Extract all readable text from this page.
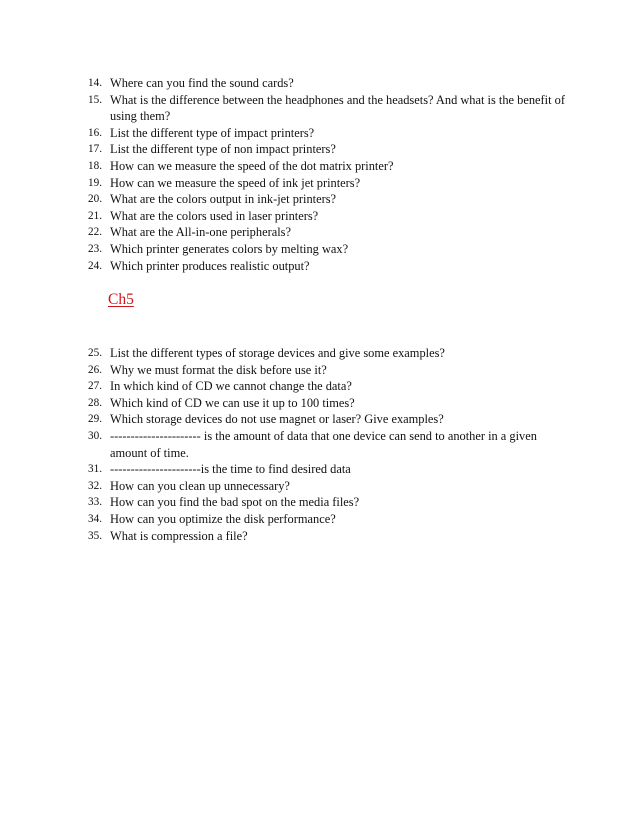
14. Where can you find the sound cards?
15. What is the difference between the headphones and the headsets? And what is the benefit of using them?
16. List the different type of impact printers?
17. List the different type of non impact printers?
18. How can we measure the speed of the dot matrix printer?
19. How can we measure the speed of ink jet printers?
20. What are the colors output in ink-jet printers?
21. What are the colors used in laser printers?
22. What are the All-in-one peripherals?
23. Which printer generates colors by melting wax?
24. Which printer produces realistic output?
Ch5
25. List the different types of storage devices and give some examples?
26. Why we must format the disk before use it?
27. In which kind of CD we cannot change the data?
28. Which kind of CD we can use it up to 100 times?
29. Which storage devices do not use magnet or laser? Give examples?
30. ---------------------- is the amount of data that one device can send to another in a given amount of time.
31. ----------------------is the time to find desired data
32. How can you clean up unnecessary?
33. How can you find the bad spot on the media files?
34. How can you optimize the disk performance?
35. What is compression a file?
